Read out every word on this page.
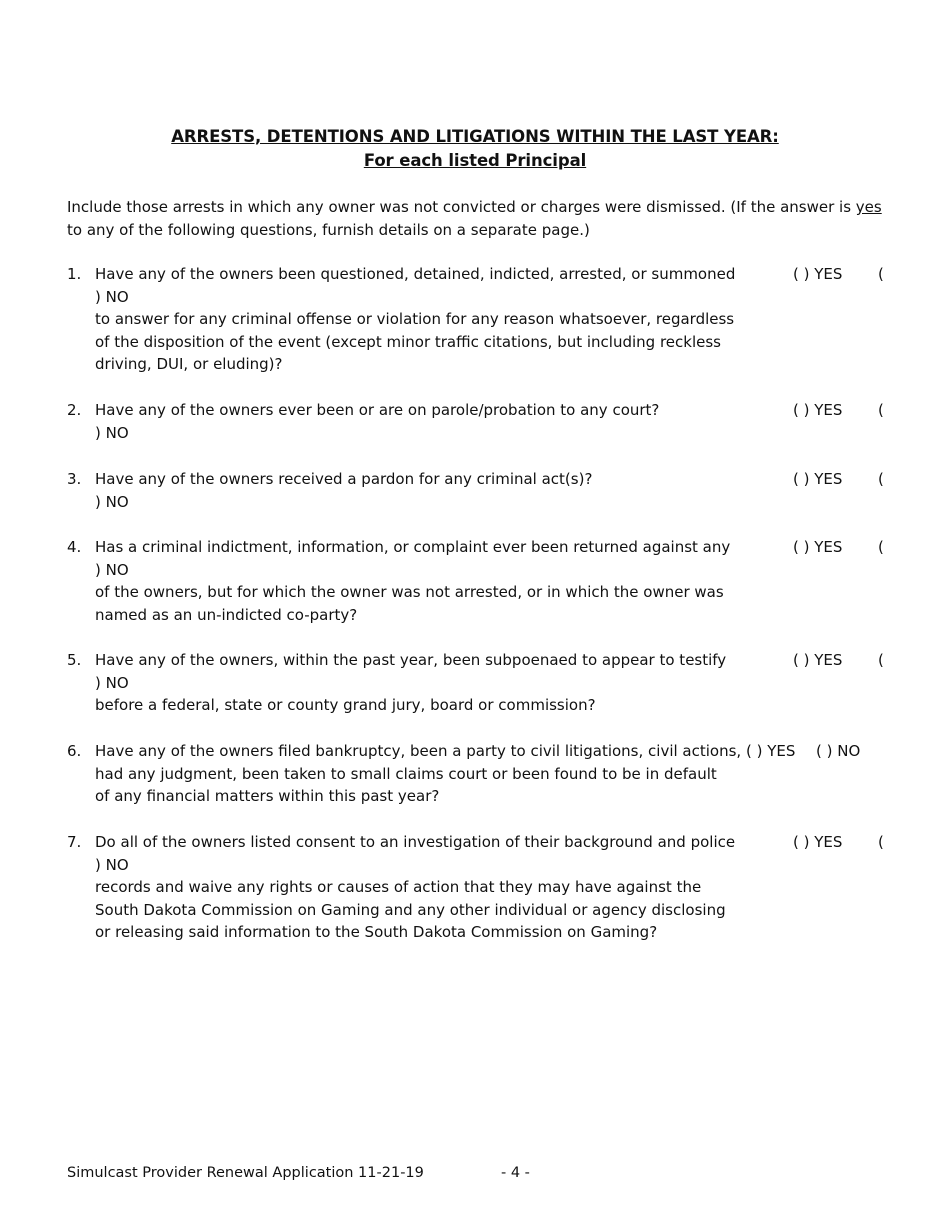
ARRESTS, DETENTIONS AND LITIGATIONS WITHIN THE LAST YEAR:
For each listed Principal
Include those arrests in which any owner was not convicted or charges were dismissed. (If the answer is yes to any of the following questions, furnish details on a separate page.)
1. Have any of the owners been questioned, detained, indicted, arrested, or summoned	( ) YES (
) NO
to answer for any criminal offense or violation for any reason whatsoever, regardless
of the disposition of the event (except minor traffic citations, but including reckless
driving, DUI, or eluding)?
2. Have any of the owners ever been or are on parole/probation to any court?	( ) YES (
) NO
3. Have any of the owners received a pardon for any criminal act(s)?	( ) YES (
) NO
4. Has a criminal indictment, information, or complaint ever been returned against any	( ) YES (
) NO
of the owners, but for which the owner was not arrested, or in which the owner was
named as an un-indicted co-party?
5. Have any of the owners, within the past year, been subpoenaed to appear to testify	( ) YES (
) NO
before a federal, state or county grand jury, board or commission?
6. Have any of the owners filed bankruptcy, been a party to civil litigations, civil actions, ( ) YES ( ) NO
had any judgment, been taken to small claims court or been found to be in default
of any financial matters within this past year?
7. Do all of the owners listed consent to an investigation of their background and police	( ) YES (
) NO
records and waive any rights or causes of action that they may have against the
South Dakota Commission on Gaming and any other individual or agency disclosing
or releasing said information to the South Dakota Commission on Gaming?
Simulcast Provider Renewal Application 11-21-19	- 4 -
